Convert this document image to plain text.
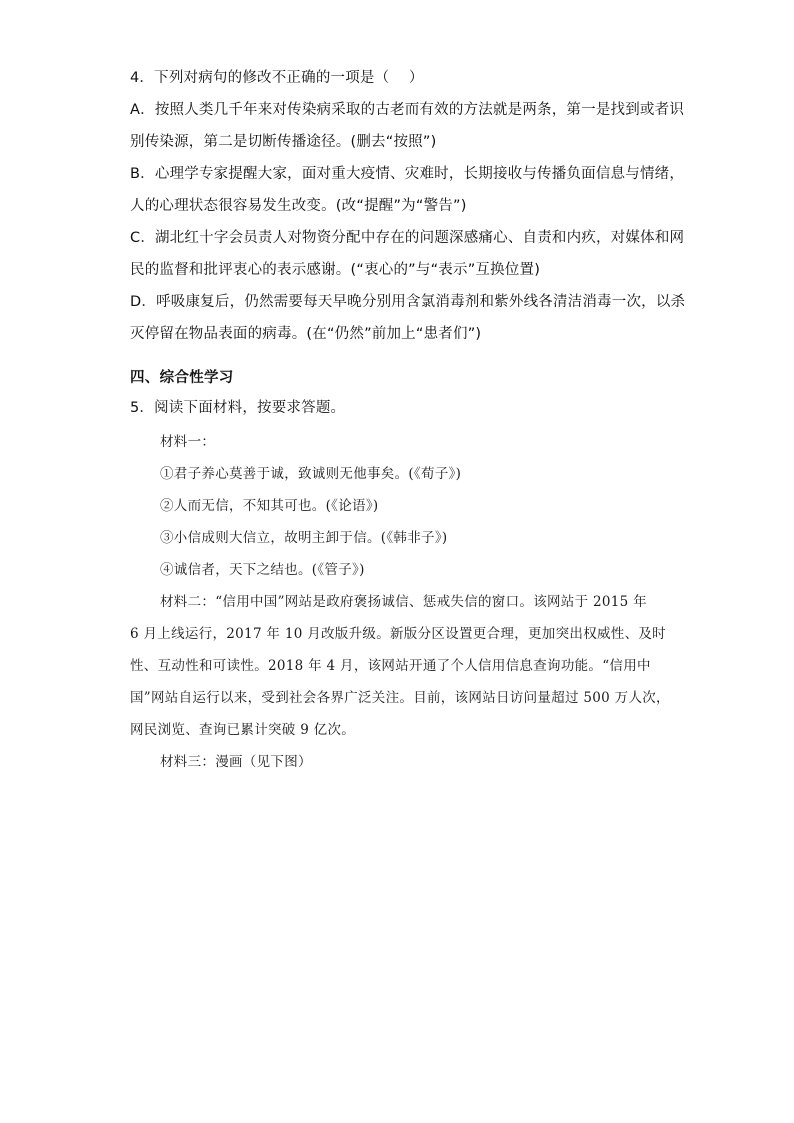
4．下列对病句的修改不正确的一项是（　 ）
A．按照人类几千年来对传染病采取的古老而有效的方法就是两条，第一是找到或者识
别传染源，第二是切断传播途径。(删去“按照”)
B．心理学专家提醒大家，面对重大疫情、灾难时，长期接收与传播负面信息与情绪，
人的心理状态很容易发生改变。(改“提醒”为“警告”)
C．湖北红十字会员责人对物资分配中存在的问题深感痛心、自责和内疚，对媒体和网
民的监督和批评衷心的表示感谢。(“衷心的”与“表示”互换位置)
D．呼吸康复后，仍然需要每天早晚分别用含氯消毒剂和紫外线各清洁消毒一次，以杀
灭停留在物品表面的病毒。(在“仍然”前加上“患者们”)
四、综合性学习
5．阅读下面材料，按要求答题。
材料一：
①君子养心莫善于诚，致诚则无他事矣。(《荀子》)
②人而无信，不知其可也。(《论语》)
③小信成则大信立，故明主卸于信。(《韩非子》)
④诚信者，天下之结也。(《管子》)
材料二：“信用中国”网站是政府褒扬诚信、惩戒失信的窗口。该网站于 2015 年
6 月上线运行，2017 年 10 月改版升级。新版分区设置更合理，更加突出权威性、及时
性、互动性和可读性。2018 年 4 月，该网站开通了个人信用信息查询功能。“信用中
国”网站自运行以来，受到社会各界广泛关注。目前，该网站日访问量超过 500 万人次，
网民浏览、查询已累计突破 9 亿次。
材料三：漫画（见下图）
